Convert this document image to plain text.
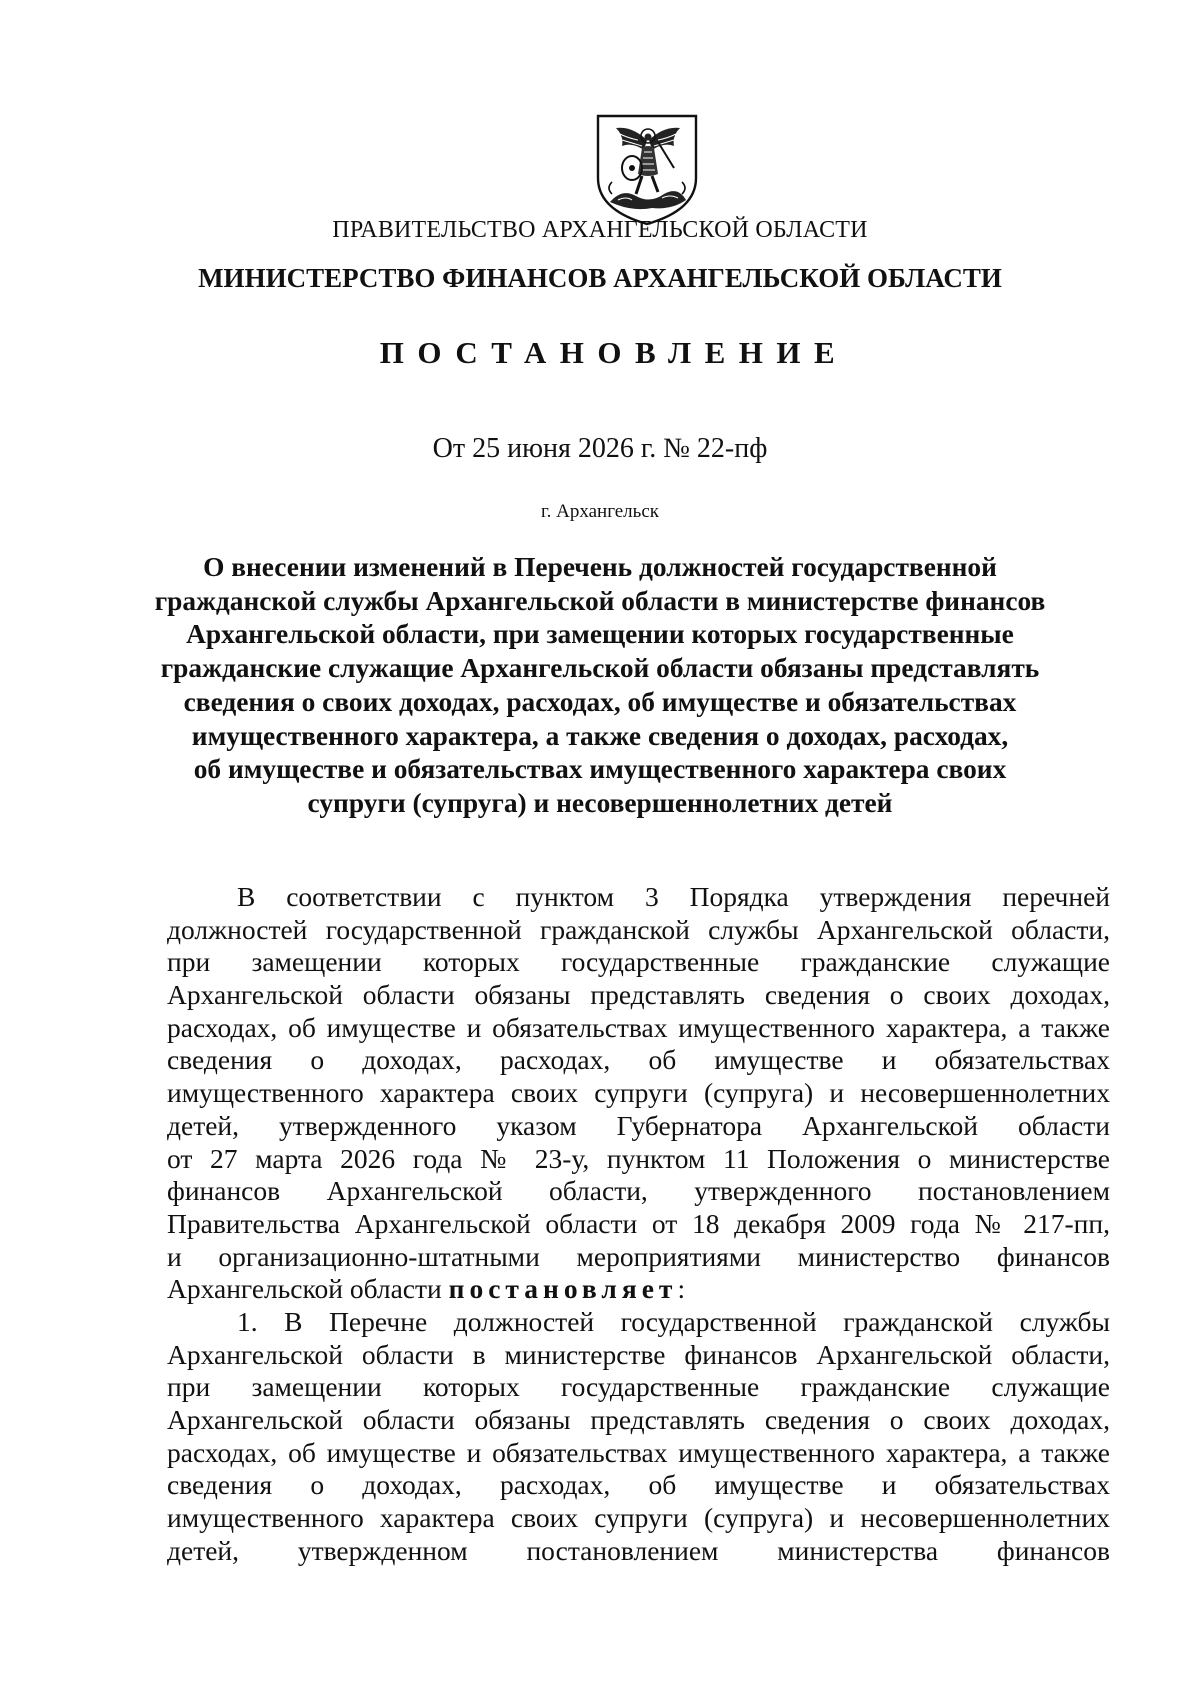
ПРАВИТЕЛЬСТВО АРХАНГЕЛЬСКОЙ ОБЛАСТИ
МИНИСТЕРСТВО ФИНАНСОВ АРХАНГЕЛЬСКОЙ ОБЛАСТИ
ПОСТАНОВЛЕНИЕ
От 25 июня 2026 г. № 22-пф
г. Архангельск
О внесении изменений в Перечень должностей государственной
гражданской службы Архангельской области в министерстве финансов
Архангельской области, при замещении которых государственные
гражданские служащие Архангельской области обязаны представлять
сведения о своих доходах, расходах, об имуществе и обязательствах
имущественного характера, а также сведения о доходах, расходах,
об имуществе и обязательствах имущественного характера своих
супруги (супруга) и несовершеннолетних детей
В соответствии с пунктом 3 Порядка утверждения перечней
должностей государственной гражданской службы Архангельской области,
при замещении которых государственные гражданские служащие
Архангельской области обязаны представлять сведения о своих доходах,
расходах, об имуществе и обязательствах имущественного характера, а также
сведения о доходах, расходах, об имуществе и обязательствах
имущественного характера своих супруги (супруга) и несовершеннолетних
детей, утвержденного указом Губернатора Архангельской области
от 27 марта 2026 года № 23-у, пунктом 11 Положения о министерстве
финансов Архангельской области, утвержденного постановлением
Правительства Архангельской области от 18 декабря 2009 года № 217-пп,
и организационно-штатными мероприятиями министерство финансов
Архангельской области постановляет:
1. В Перечне должностей государственной гражданской службы
Архангельской области в министерстве финансов Архангельской области,
при замещении которых государственные гражданские служащие
Архангельской области обязаны представлять сведения о своих доходах,
расходах, об имуществе и обязательствах имущественного характера, а также
сведения о доходах, расходах, об имуществе и обязательствах
имущественного характера своих супруги (супруга) и несовершеннолетних
детей, утвержденном постановлением министерства финансов
